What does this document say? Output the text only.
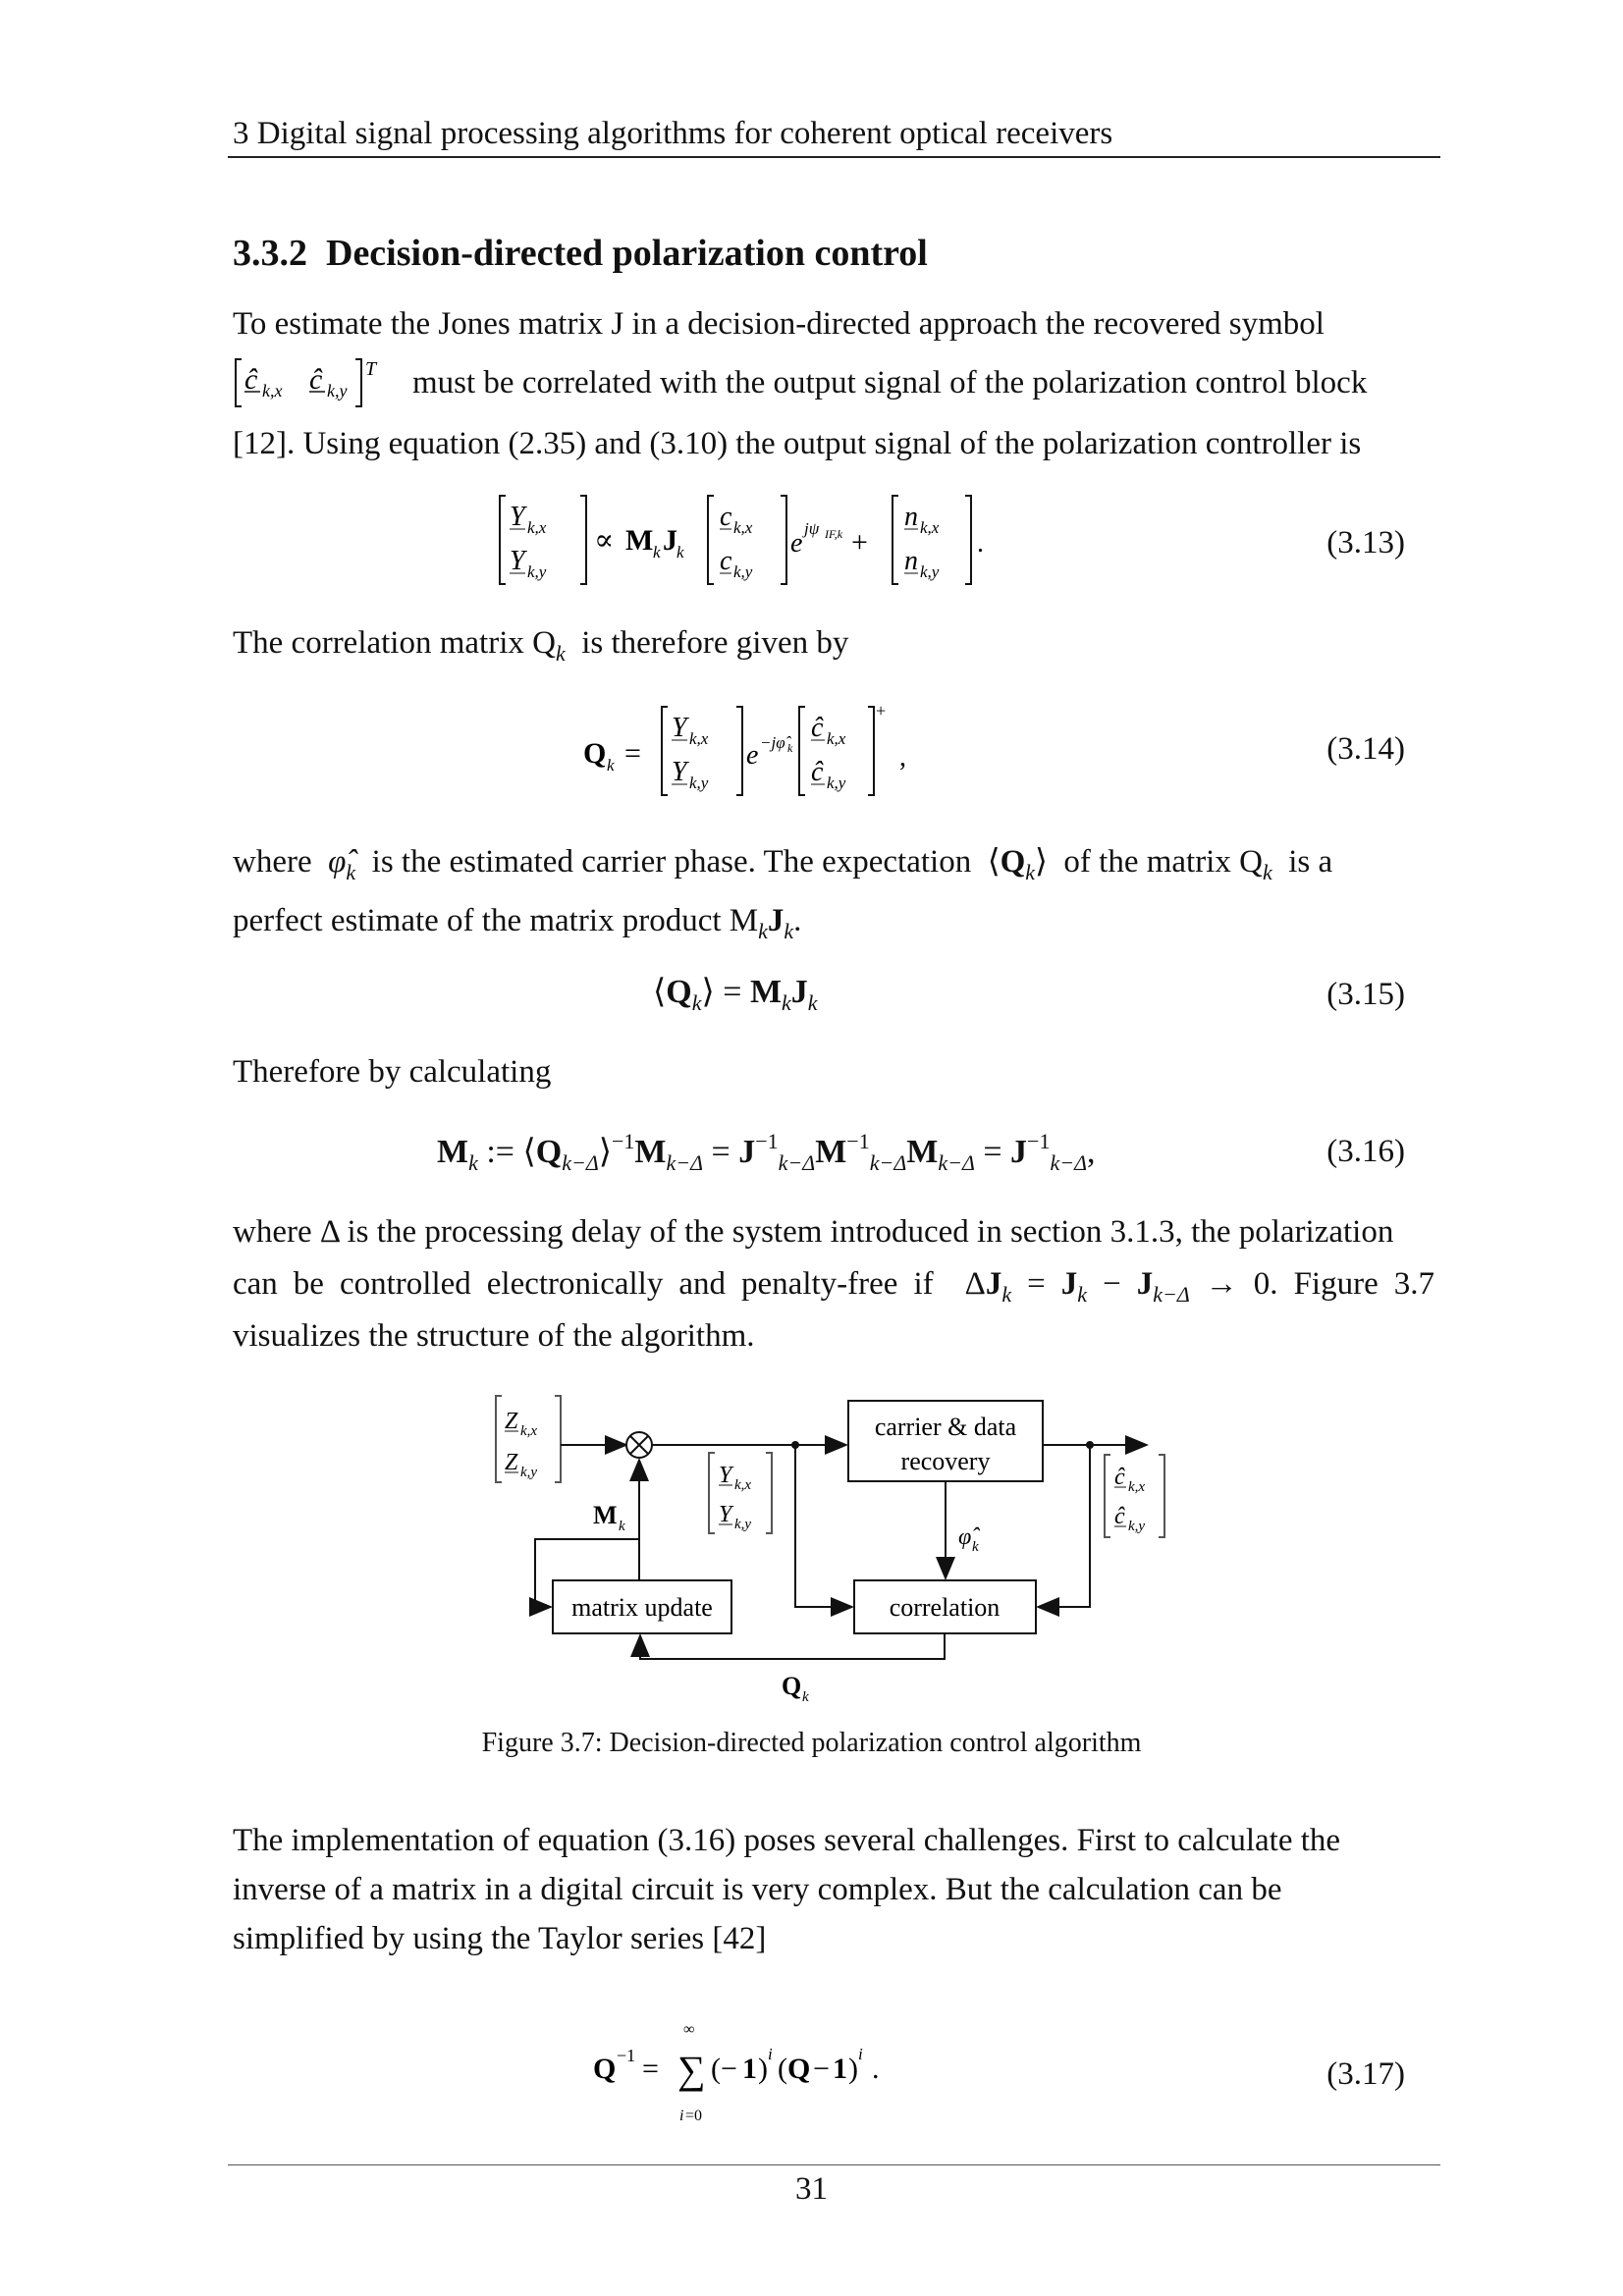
3 Digital signal processing algorithms for coherent optical receivers
3.3.2 Decision-directed polarization control
To estimate the Jones matrix J in a decision-directed approach the recovered symbol
ĉ k,x ĉ k,y
T must be correlated with the output signal of the polarization control block
[12]. Using equation (2.35) and (3.10) the output signal of the polarization controller is
Y k,x
Y k,y
∝ M k J k
c k,x
c k,y
e jψ IF,k +
n k,x
n k,y
.	(3.13)
The correlation matrix $Q_k$ is therefore given by
Q k =
Y k,x
Y k,y
e −jφ̂ k
ĉ k,x
ĉ k,y
+
,	(3.14)
where $\varphî_k$ is the estimated carrier phase. The expectation  $⟨Q_k⟩$  of the matrix $Q_k$ is a
perfect estimate of the matrix product $M_kJ_k$.
$⟨Q_k⟩ = M_kJ_k$	(3.15)
Therefore by calculating
$M_k$ := $⟨Q_{k-\Delta}⟩^{-1}M_{k-\Delta} = J^{-1}_{k-\Delta}M^{-1}_{k-\Delta}M_{k-\Delta} = J^{-1}_{k-\Delta}$,	(3.16)
where Δ is the processing delay of the system introduced in section 3.1.3, the polarization
can be controlled electronically and penalty-free if  $\Delta J_k = J_k - J_{k-\Delta} \to 0$. Figure 3.7
visualizes the structure of the algorithm.
Z k,x
Z k,y	Y k,x
Y k,y
carrier & data
recovery
ĉ k,x
ĉ k,y
φ̂ k
correlation
matrix update
Q k
M k
Figure 3.7: Decision-directed polarization control algorithm
The implementation of equation (3.16) poses several challenges. First to calculate the
inverse of a matrix in a digital circuit is very complex. But the calculation can be
simplified by using the Taylor series [42]
Q −1 =
∞
∑
i =0
(− 1 ) i ( Q − 1 ) i .	(3.17)
31
